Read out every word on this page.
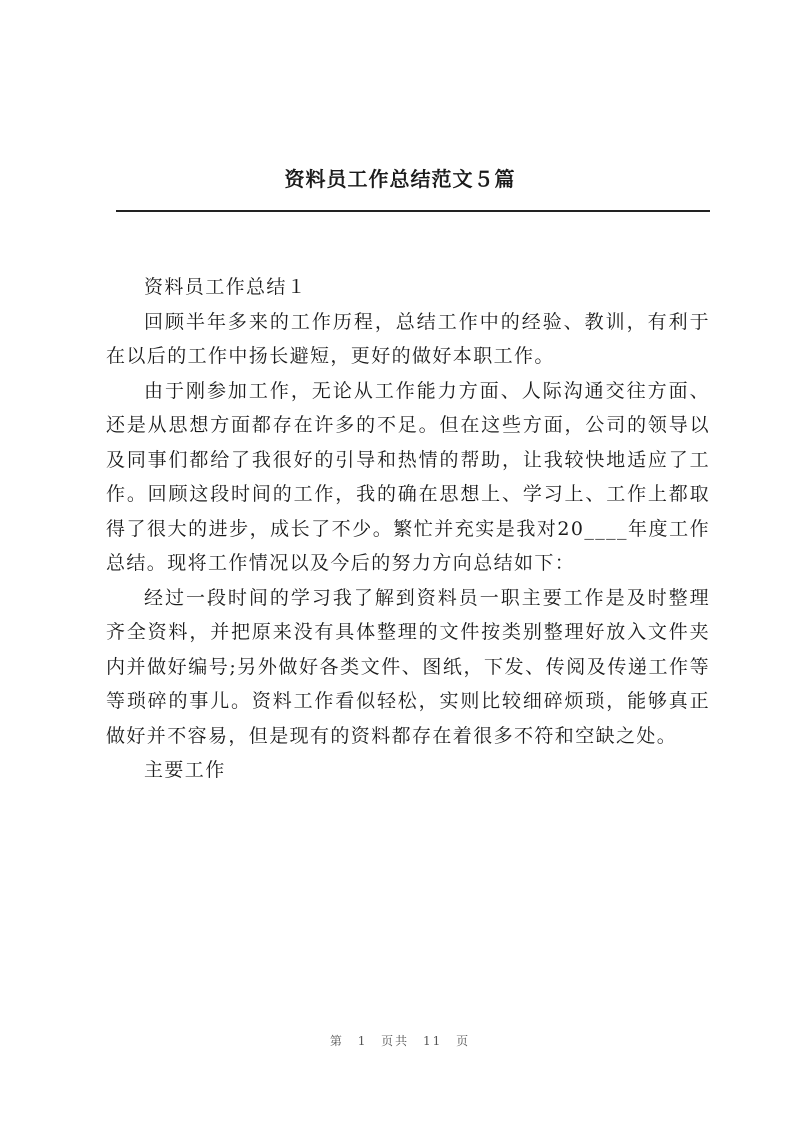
资料员工作总结范文５篇

资料员工作总结１

回顾半年多来的工作历程，总结工作中的经验、教训，有利于在以后的工作中扬长避短，更好的做好本职工作。

由于刚参加工作，无论从工作能力方面、人际沟通交往方面、还是从思想方面都存在许多的不足。但在这些方面，公司的领导以及同事们都给了我很好的引导和热情的帮助，让我较快地适应了工作。回顾这段时间的工作，我的确在思想上、学习上、工作上都取得了很大的进步，成长了不少。繁忙并充实是我对20____年度工作总结。现将工作情况以及今后的努力方向总结如下：

经过一段时间的学习我了解到资料员一职主要工作是及时整理齐全资料，并把原来没有具体整理的文件按类别整理好放入文件夹内并做好编号;另外做好各类文件、图纸，下发、传阅及传递工作等等琐碎的事儿。资料工作看似轻松，实则比较细碎烦琐，能够真正做好并不容易，但是现有的资料都存在着很多不符和空缺之处。

主要工作

第 1 页共 11 页
